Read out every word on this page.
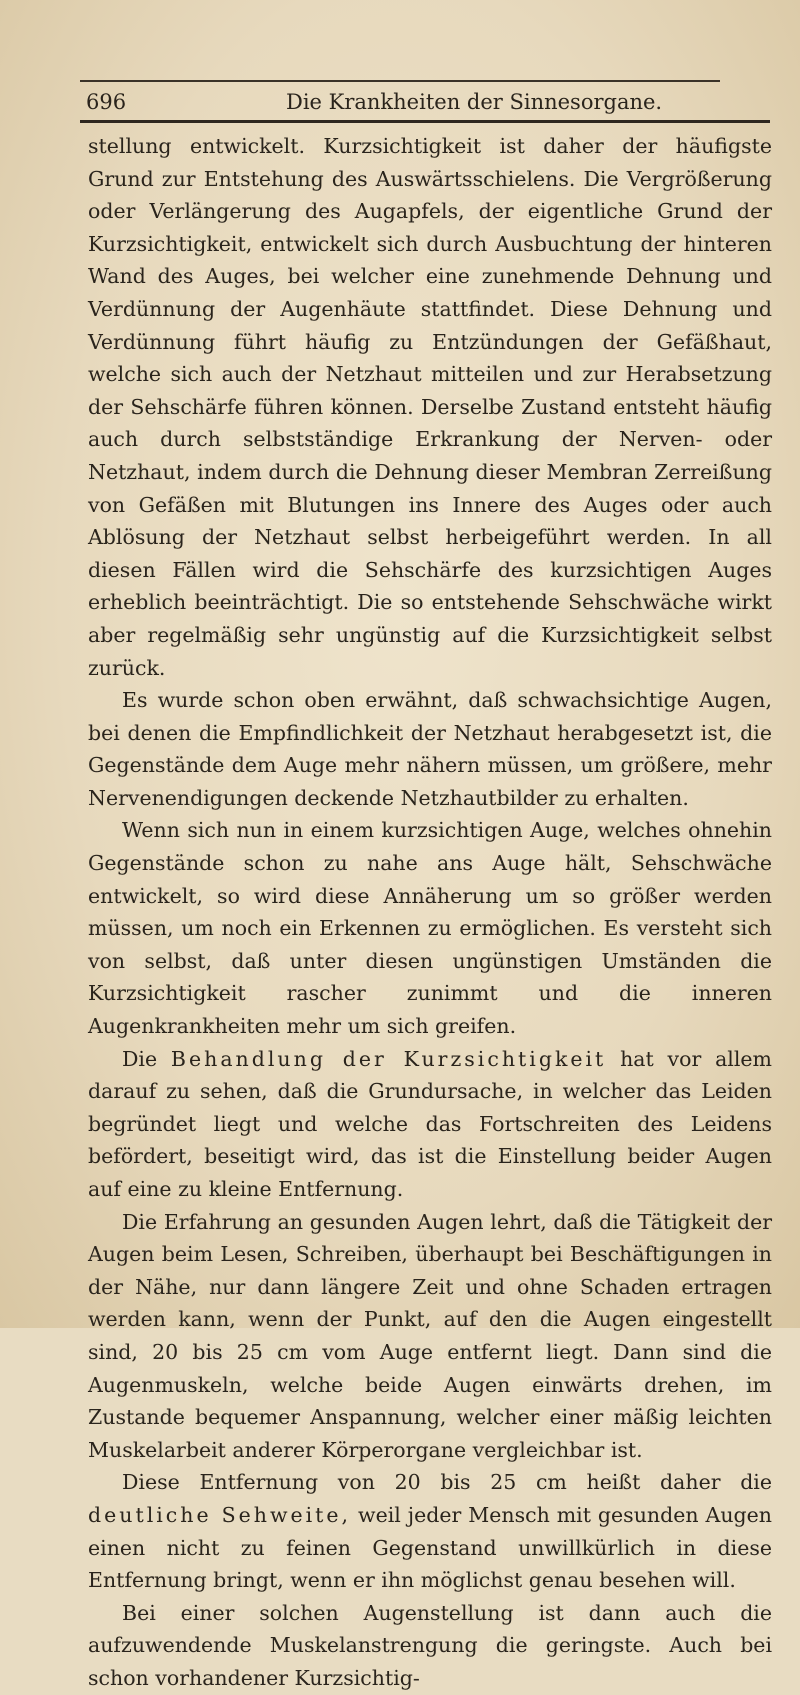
696	Die Krankheiten der Sinnesorgane.

stellung entwickelt. Kurzsichtigkeit ist daher der häufigste Grund zur Entstehung des Auswärtsschielens. Die Vergrößerung oder Verlängerung des Augapfels, der eigentliche Grund der Kurzsichtigkeit, entwickelt sich durch Ausbuchtung der hinteren Wand des Auges, bei welcher eine zunehmende Dehnung und Verdünnung der Augenhäute stattfindet. Diese Dehnung und Verdünnung führt häufig zu Entzündungen der Gefäßhaut, welche sich auch der Netzhaut mitteilen und zur Herabsetzung der Sehschärfe führen können. Derselbe Zustand entsteht häufig auch durch selbstständige Erkrankung der Nerven- oder Netzhaut, indem durch die Dehnung dieser Membran Zerreißung von Gefäßen mit Blutungen ins Innere des Auges oder auch Ablösung der Netzhaut selbst herbeigeführt werden. In all diesen Fällen wird die Sehschärfe des kurzsichtigen Auges erheblich beeinträchtigt. Die so entstehende Sehschwäche wirkt aber regelmäßig sehr ungünstig auf die Kurzsichtigkeit selbst zurück.

Es wurde schon oben erwähnt, daß schwachsichtige Augen, bei denen die Empfindlichkeit der Netzhaut herabgesetzt ist, die Gegenstände dem Auge mehr nähern müssen, um größere, mehr Nervenendigungen deckende Netzhautbilder zu erhalten.

Wenn sich nun in einem kurzsichtigen Auge, welches ohnehin Gegenstände schon zu nahe ans Auge hält, Sehschwäche entwickelt, so wird diese Annäherung um so größer werden müssen, um noch ein Erkennen zu ermöglichen. Es versteht sich von selbst, daß unter diesen ungünstigen Umständen die Kurzsichtigkeit rascher zunimmt und die inneren Augenkrankheiten mehr um sich greifen.

Die Behandlung der Kurzsichtigkeit hat vor allem darauf zu sehen, daß die Grundursache, in welcher das Leiden begründet liegt und welche das Fortschreiten des Leidens befördert, beseitigt wird, das ist die Einstellung beider Augen auf eine zu kleine Entfernung.

Die Erfahrung an gesunden Augen lehrt, daß die Tätigkeit der Augen beim Lesen, Schreiben, überhaupt bei Beschäftigungen in der Nähe, nur dann längere Zeit und ohne Schaden ertragen werden kann, wenn der Punkt, auf den die Augen eingestellt sind, 20 bis 25 cm vom Auge entfernt liegt. Dann sind die Augenmuskeln, welche beide Augen einwärts drehen, im Zustande bequemer Anspannung, welcher einer mäßig leichten Muskelarbeit anderer Körperorgane vergleichbar ist.

Diese Entfernung von 20 bis 25 cm heißt daher die deutliche Sehweite, weil jeder Mensch mit gesunden Augen einen nicht zu feinen Gegenstand unwillkürlich in diese Entfernung bringt, wenn er ihn möglichst genau besehen will.

Bei einer solchen Augenstellung ist dann auch die aufzuwendende Muskelanstrengung die geringste. Auch bei schon vorhandener Kurzsichtig-
